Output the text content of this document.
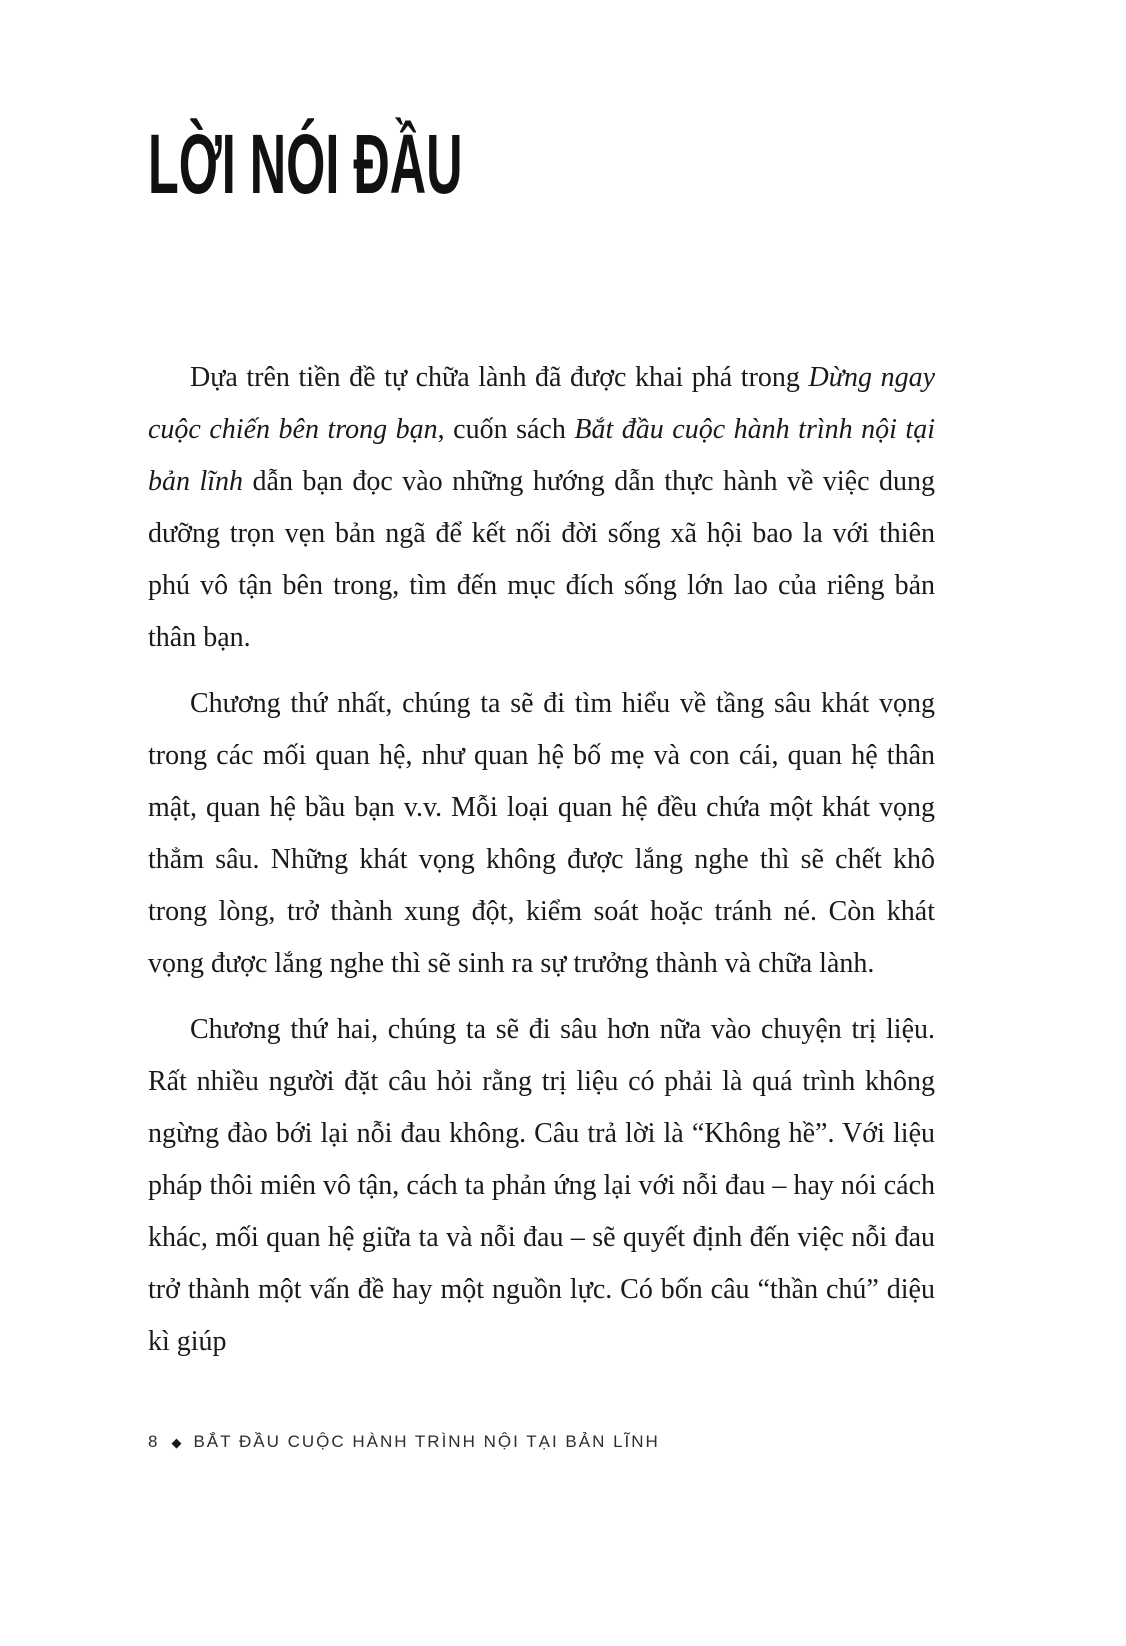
LỜI NÓI ĐẦU

Dựa trên tiền đề tự chữa lành đã được khai phá trong Dừng ngay cuộc chiến bên trong bạn, cuốn sách Bắt đầu cuộc hành trình nội tại bản lĩnh dẫn bạn đọc vào những hướng dẫn thực hành về việc dung dưỡng trọn vẹn bản ngã để kết nối đời sống xã hội bao la với thiên phú vô tận bên trong, tìm đến mục đích sống lớn lao của riêng bản thân bạn.

Chương thứ nhất, chúng ta sẽ đi tìm hiểu về tầng sâu khát vọng trong các mối quan hệ, như quan hệ bố mẹ và con cái, quan hệ thân mật, quan hệ bầu bạn v.v. Mỗi loại quan hệ đều chứa một khát vọng thẳm sâu. Những khát vọng không được lắng nghe thì sẽ chết khô trong lòng, trở thành xung đột, kiểm soát hoặc tránh né. Còn khát vọng được lắng nghe thì sẽ sinh ra sự trưởng thành và chữa lành.

Chương thứ hai, chúng ta sẽ đi sâu hơn nữa vào chuyện trị liệu. Rất nhiều người đặt câu hỏi rằng trị liệu có phải là quá trình không ngừng đào bới lại nỗi đau không. Câu trả lời là “Không hề”. Với liệu pháp thôi miên vô tận, cách ta phản ứng lại với nỗi đau – hay nói cách khác, mối quan hệ giữa ta và nỗi đau – sẽ quyết định đến việc nỗi đau trở thành một vấn đề hay một nguồn lực. Có bốn câu “thần chú” diệu kì giúp

8 ◆ BẮT ĐẦU CUỘC HÀNH TRÌNH NỘI TẠI BẢN LĨNH
